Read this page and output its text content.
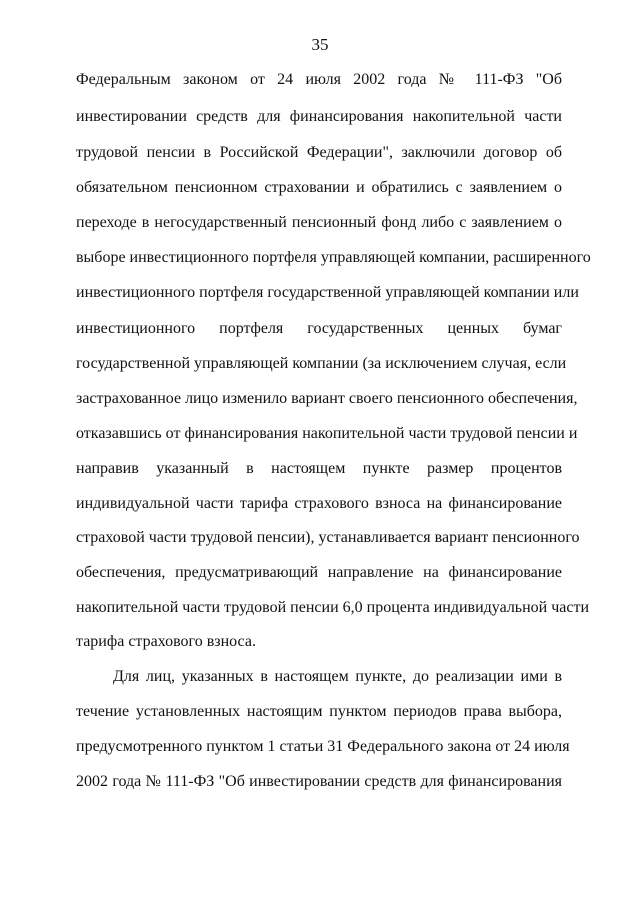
35
Федеральным законом от 24 июля 2002 года № 111-ФЗ "Об
инвестировании средств для финансирования накопительной части
трудовой пенсии в Российской Федерации", заключили договор об
обязательном пенсионном страховании и обратились с заявлением о
переходе в негосударственный пенсионный фонд либо с заявлением о
выборе инвестиционного портфеля управляющей компании, расширенного
инвестиционного портфеля государственной управляющей компании или
инвестиционного портфеля государственных ценных бумаг
государственной управляющей компании (за исключением случая, если
застрахованное лицо изменило вариант своего пенсионного обеспечения,
отказавшись от финансирования накопительной части трудовой пенсии и
направив указанный в настоящем пункте размер процентов
индивидуальной части тарифа страхового взноса на финансирование
страховой части трудовой пенсии), устанавливается вариант пенсионного
обеспечения, предусматривающий направление на финансирование
накопительной части трудовой пенсии 6,0 процента индивидуальной части
тарифа страхового взноса.
Для лиц, указанных в настоящем пункте, до реализации ими в
течение установленных настоящим пунктом периодов права выбора,
предусмотренного пунктом 1 статьи 31 Федерального закона от 24 июля
2002 года № 111-ФЗ "Об инвестировании средств для финансирования
